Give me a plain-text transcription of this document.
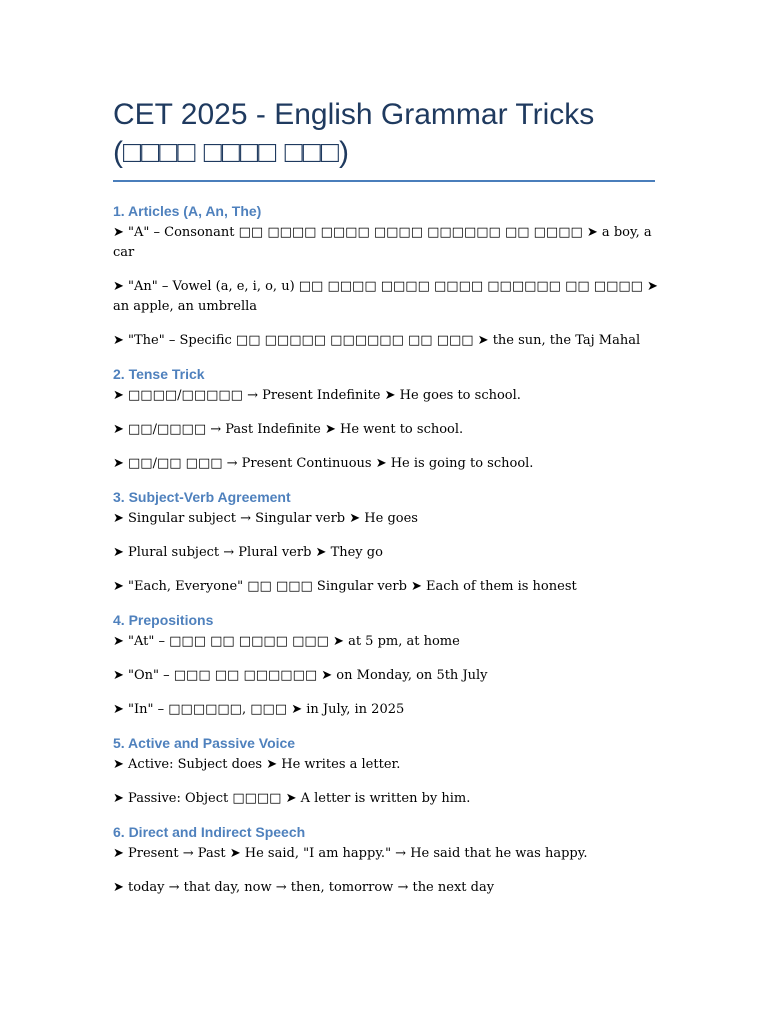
CET 2025 - English Grammar Tricks
(□□□□ □□□□ □□□)
1. Articles (A, An, The)
➤ "A" – Consonant □□ □□□□ □□□□ □□□□ □□□□□□ □□ □□□□ ➤ a boy, a car
➤ "An" – Vowel (a, e, i, o, u) □□ □□□□ □□□□ □□□□ □□□□□□ □□ □□□□ ➤ an apple, an umbrella
➤ "The" – Specific □□ □□□□□ □□□□□□ □□ □□□ ➤ the sun, the Taj Mahal
2. Tense Trick
➤ □□□□/□□□□□ → Present Indefinite ➤ He goes to school.
➤ □□/□□□□ → Past Indefinite ➤ He went to school.
➤ □□/□□ □□□ → Present Continuous ➤ He is going to school.
3. Subject-Verb Agreement
➤ Singular subject → Singular verb ➤ He goes
➤ Plural subject → Plural verb ➤ They go
➤ "Each, Everyone" □□ □□□ Singular verb ➤ Each of them is honest
4. Prepositions
➤ "At" – □□□ □□ □□□□ □□□ ➤ at 5 pm, at home
➤ "On" – □□□ □□ □□□□□□ ➤ on Monday, on 5th July
➤ "In" – □□□□□□, □□□ ➤ in July, in 2025
5. Active and Passive Voice
➤ Active: Subject does ➤ He writes a letter.
➤ Passive: Object □□□□ ➤ A letter is written by him.
6. Direct and Indirect Speech
➤ Present → Past ➤ He said, "I am happy." → He said that he was happy.
➤ today → that day, now → then, tomorrow → the next day
